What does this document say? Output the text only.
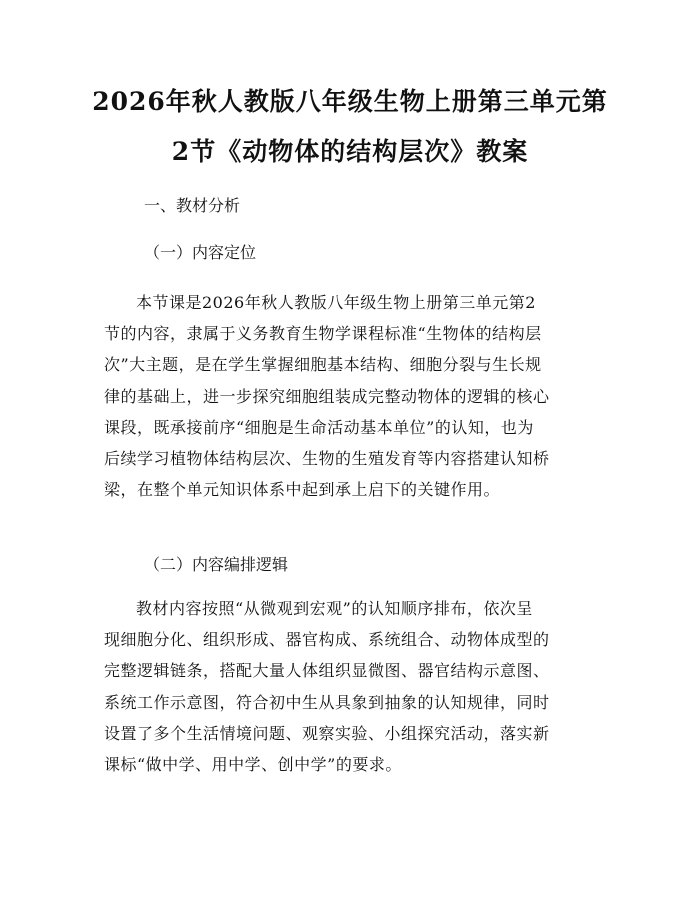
2026年秋人教版八年级生物上册第三单元第
2节《动物体的结构层次》教案
一、教材分析
（一）内容定位
本节课是2026年秋人教版八年级生物上册第三单元第2
节的内容，隶属于义务教育生物学课程标准“生物体的结构层
次”大主题，是在学生掌握细胞基本结构、细胞分裂与生长规
律的基础上，进一步探究细胞组装成完整动物体的逻辑的核心
课段，既承接前序“细胞是生命活动基本单位”的认知，也为
后续学习植物体结构层次、生物的生殖发育等内容搭建认知桥
梁，在整个单元知识体系中起到承上启下的关键作用。
（二）内容编排逻辑
教材内容按照“从微观到宏观”的认知顺序排布，依次呈
现细胞分化、组织形成、器官构成、系统组合、动物体成型的
完整逻辑链条，搭配大量人体组织显微图、器官结构示意图、
系统工作示意图，符合初中生从具象到抽象的认知规律，同时
设置了多个生活情境问题、观察实验、小组探究活动，落实新
课标“做中学、用中学、创中学”的要求。
